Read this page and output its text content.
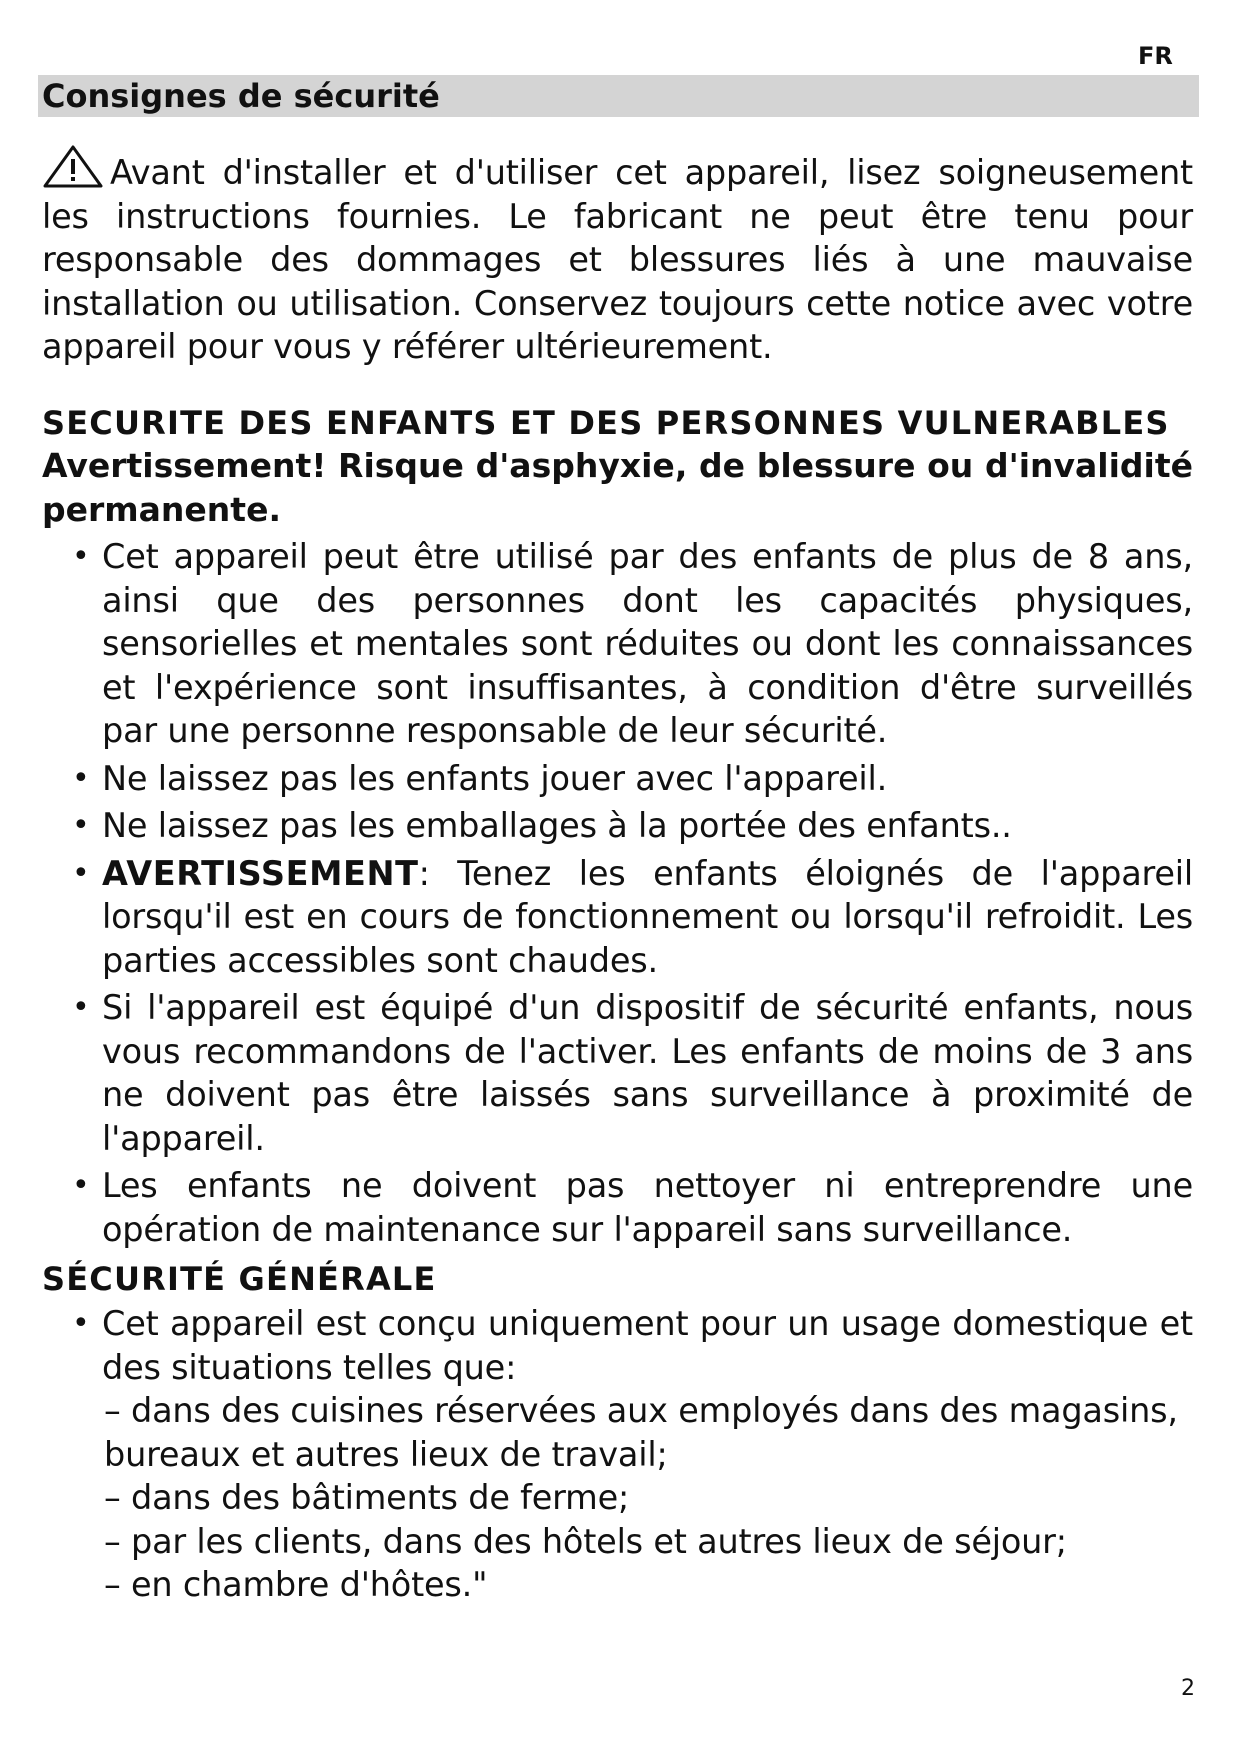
FR
Consignes de sécurité
Avant d'installer et d'utiliser cet appareil, lisez soigneusement les instructions fournies. Le fabricant ne peut être tenu pour responsable des dommages et blessures liés à une mauvaise installation ou utilisation. Conservez toujours cette notice avec votre appareil pour vous y référer ultérieurement.
SECURITE DES ENFANTS ET DES PERSONNES VULNERABLES
Avertissement! Risque d'asphyxie, de blessure ou d'invalidité permanente.
• Cet appareil peut être utilisé par des enfants de plus de 8 ans, ainsi que des personnes dont les capacités physiques, sensorielles et mentales sont réduites ou dont les connaissances et l'expérience sont insuffisantes, à condition d'être surveillés par une personne responsable de leur sécurité.
• Ne laissez pas les enfants jouer avec l'appareil.
• Ne laissez pas les emballages à la portée des enfants..
• AVERTISSEMENT: Tenez les enfants éloignés de l'appareil lorsqu'il est en cours de fonctionnement ou lorsqu'il refroidit. Les parties accessibles sont chaudes.
• Si l'appareil est équipé d'un dispositif de sécurité enfants, nous vous recommandons de l'activer. Les enfants de moins de 3 ans ne doivent pas être laissés sans surveillance à proximité de l'appareil.
• Les enfants ne doivent pas nettoyer ni entreprendre une opération de maintenance sur l'appareil sans surveillance.
SÉCURITÉ GÉNÉRALE
• Cet appareil est conçu uniquement pour un usage domestique et des situations telles que:
– dans des cuisines réservées aux employés dans des magasins, bureaux et autres lieux de travail;
– dans des bâtiments de ferme;
– par les clients, dans des hôtels et autres lieux de séjour;
– en chambre d'hôtes."
2
